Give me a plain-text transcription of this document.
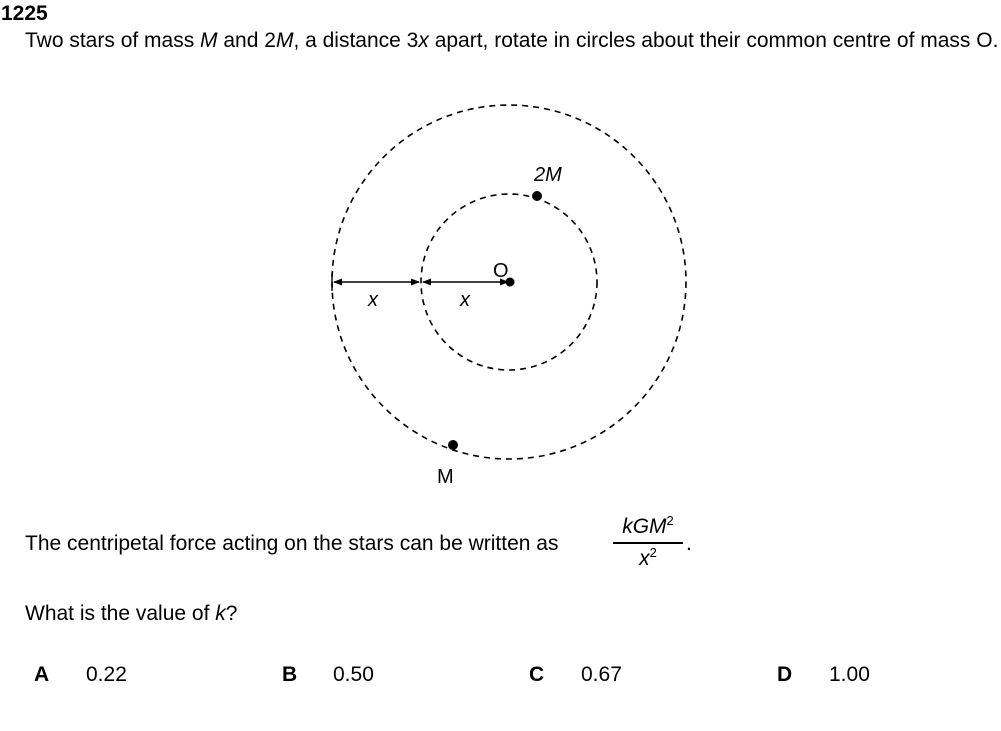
1225
Two stars of mass M and 2M, a distance 3x apart, rotate in circles about their common centre of mass O.
2M
O
M
x	x
The centripetal force acting on the stars can be written as
kGM$^2$
$x^2$	.
What is the value of k?
A 0.22	B 0.50	C 0.67	D 1.00
